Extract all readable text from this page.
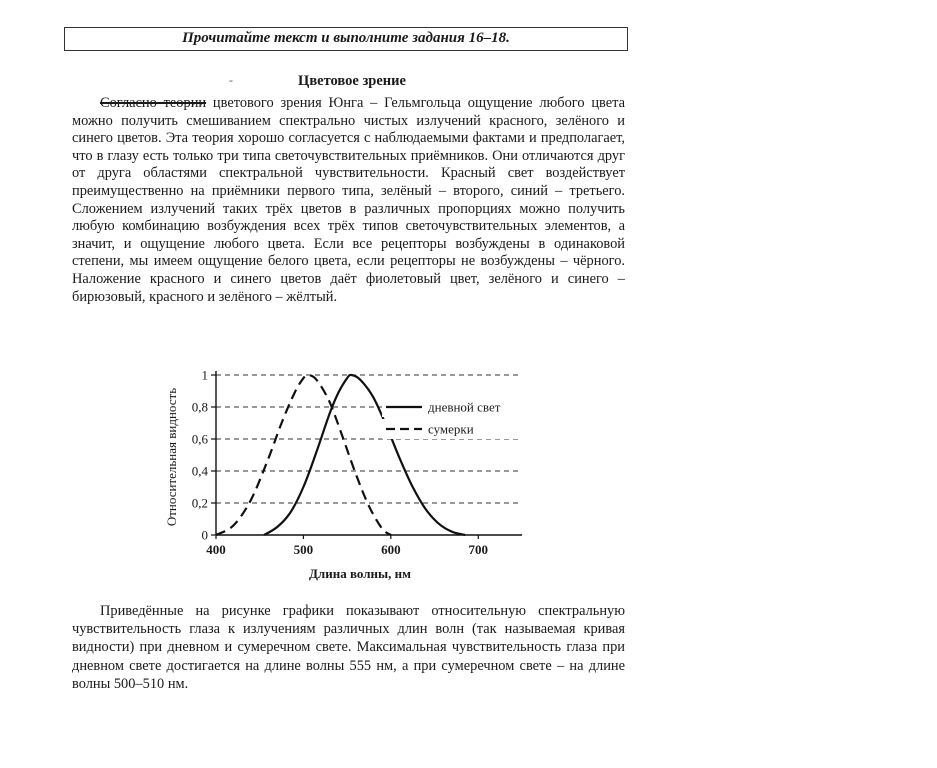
Прочитайте текст и выполните задания 16–18.
-	Цветовое зрение

Согласно теории цветового зрения Юнга – Гельмгольца ощущение любого цвета можно получить смешиванием спектрально чистых излучений красного, зелёного и синего цветов. Эта теория хорошо согласуется с наблюдаемыми фактами и предполагает, что в глазу есть только три типа светочувствительных приёмников. Они отличаются друг от друга областями спектральной чувствительности. Красный свет воздействует преимущественно на приёмники первого типа, зелёный – второго, синий – третьего. Сложением излучений таких трёх цветов в различных пропорциях можно получить любую комбинацию возбуждения всех трёх типов светочувствительных элементов, а значит, и ощущение любого цвета. Если все рецепторы возбуждены в одинаковой степени, мы имеем ощущение белого цвета, если рецепторы не возбуждены – чёрного. Наложение красного и синего цветов даёт фиолетовый цвет, зелёного и синего – бирюзовый, красного и зелёного – жёлтый.

0
0,2
0,4
0,6
0,8
1
400	500	600	700
дневной свет
сумерки
Длина волны, нм
Относительная видность

Приведённые на рисунке графики показывают относительную спектральную чувствительность глаза к излучениям различных длин волн (так называемая кривая видности) при дневном и сумеречном свете. Максимальная чувствительность глаза при дневном свете достигается на длине волны 555 нм, а при сумеречном свете – на длине волны 500–510 нм.
